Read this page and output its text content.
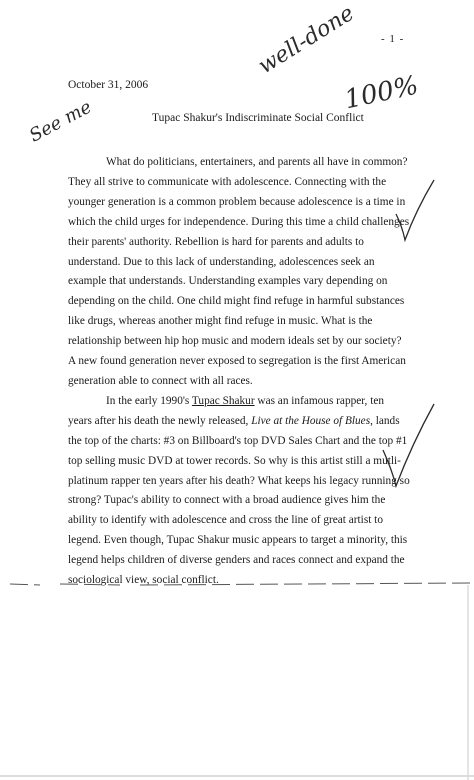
- 1 -
well-done
100%
See me
October 31, 2006
Tupac Shakur's Indiscriminate Social Conflict

What do politicians, entertainers, and parents all have in common? They all strive to communicate with adolescence. Connecting with the younger generation is a common problem because adolescence is a time in which the child urges for independence. During this time a child challenges their parents' authority. Rebellion is hard for parents and adults to understand. Due to this lack of understanding, adolescences seek an example that understands. Understanding examples vary depending on depending on the child. One child might find refuge in harmful substances like drugs, whereas another might find refuge in music. What is the relationship between hip hop music and modern ideals set by our society? A new found generation never exposed to segregation is the first American generation able to connect with all races.

In the early 1990's Tupac Shakur was an infamous rapper, ten years after his death the newly released, Live at the House of Blues, lands the top of the charts: #3 on Billboard's top DVD Sales Chart and the top #1 top selling music DVD at tower records. So why is this artist still a mutli-platinum rapper ten years after his death? What keeps his legacy running so strong? Tupac's ability to connect with a broad audience gives him the ability to identify with adolescence and cross the line of great artist to legend. Even though, Tupac Shakur music appears to target a minority, this legend helps children of diverse genders and races connect and expand the sociological view, social conflict.
